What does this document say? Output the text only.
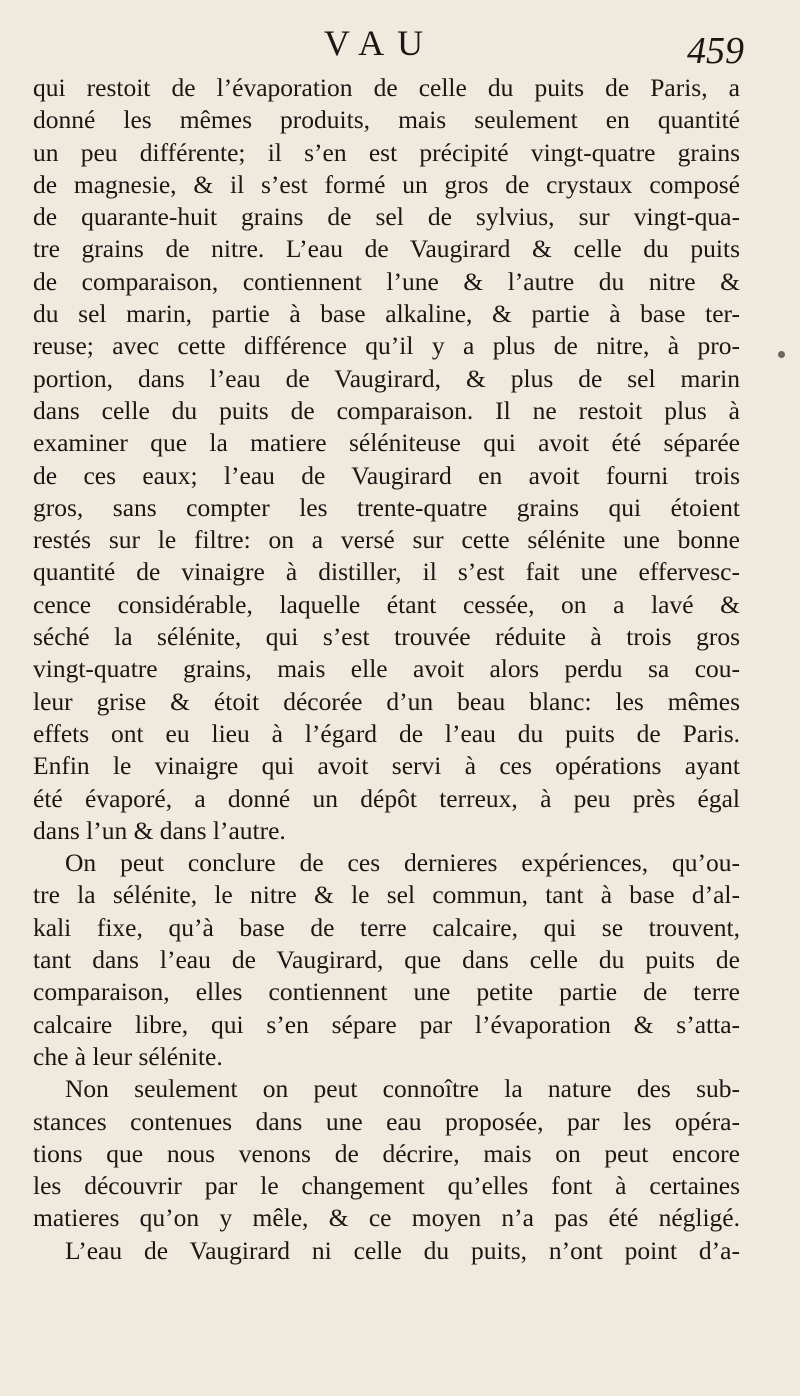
VAU	459
qui restoit de l’évaporation de celle du puits de Paris, a
donné les mêmes produits, mais seulement en quantité
un peu différente; il s’en est précipité vingt-quatre grains
de magnesie, & il s’est formé un gros de crystaux composé
de quarante-huit grains de sel de sylvius, sur vingt-qua-
tre grains de nitre. L’eau de Vaugirard & celle du puits
de comparaison, contiennent l’une & l’autre du nitre &
du sel marin, partie à base alkaline, & partie à base ter-
reuse; avec cette différence qu’il y a plus de nitre, à pro-
portion, dans l’eau de Vaugirard, & plus de sel marin
dans celle du puits de comparaison. Il ne restoit plus à
examiner que la matiere séléniteuse qui avoit été séparée
de ces eaux; l’eau de Vaugirard en avoit fourni trois
gros, sans compter les trente-quatre grains qui étoient
restés sur le filtre: on a versé sur cette sélénite une bonne
quantité de vinaigre à distiller, il s’est fait une effervesc-
cence considérable, laquelle étant cessée, on a lavé &
séché la sélénite, qui s’est trouvée réduite à trois gros
vingt-quatre grains, mais elle avoit alors perdu sa cou-
leur grise & étoit décorée d’un beau blanc: les mêmes
effets ont eu lieu à l’égard de l’eau du puits de Paris.
Enfin le vinaigre qui avoit servi à ces opérations ayant
été évaporé, a donné un dépôt terreux, à peu près égal
dans l’un & dans l’autre.
On peut conclure de ces dernieres expériences, qu’ou-
tre la sélénite, le nitre & le sel commun, tant à base d’al-
kali fixe, qu’à base de terre calcaire, qui se trouvent,
tant dans l’eau de Vaugirard, que dans celle du puits de
comparaison, elles contiennent une petite partie de terre
calcaire libre, qui s’en sépare par l’évaporation & s’atta-
che à leur sélénite.
Non seulement on peut connoître la nature des sub-
stances contenues dans une eau proposée, par les opéra-
tions que nous venons de décrire, mais on peut encore
les découvrir par le changement qu’elles font à certaines
matieres qu’on y mêle, & ce moyen n’a pas été négligé.
L’eau de Vaugirard ni celle du puits, n’ont point d’a-
